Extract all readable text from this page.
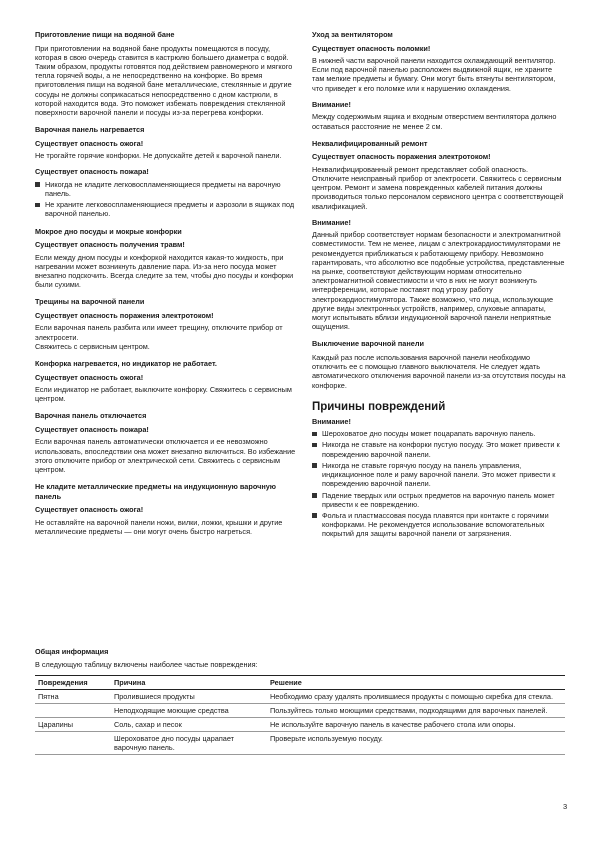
Приготовление пищи на водяной бане

При приготовлении на водяной бане продукты помещаются в посуду, которая в свою очередь ставится в кастрюлю большего диаметра с водой. Таким образом, продукты готовятся под действием равномерного и мягкого тепла горячей воды, а не непосредственно на конфорке. Во время приготовления пищи на водяной бане металлические, стеклянные и другие сосуды не должны соприкасаться непосредственно с дном кастрюли, в которой находится вода. Это поможет избежать повреждения стеклянной поверхности варочной панели и посуды из-за перегрева конфорки.

Варочная панель нагревается
Существует опасность ожога!

Не трогайте горячие конфорки. Не допускайте детей к варочной панели.

Существует опасность пожара!
Никогда не кладите легковоспламеняющиеся предметы на варочную панель.
Не храните легковоспламеняющиеся предметы и аэрозоли в ящиках под варочной панелью.
Мокрое дно посуды и мокрые конфорки
Существует опасность получения травм!

Если между дном посуды и конфоркой находится какая-то жидкость, при нагревании может возникнуть давление пара. Из-за него посуда может внезапно подскочить. Всегда следите за тем, чтобы дно посуды и конфорки были сухими.

Трещины на варочной панели
Существует опасность поражения электротоком!

Если варочная панель разбита или имеет трещину, отключите прибор от электросети.

Свяжитесь с сервисным центром.

Конфорка нагревается, но индикатор не работает.
Существует опасность ожога!

Если индикатор не работает, выключите конфорку. Свяжитесь с сервисным центром.

Варочная панель отключается
Существует опасность пожара!

Если варочная панель автоматически отключается и ее невозможно использовать, впоследствии она может внезапно включиться. Во избежание этого отключите прибор от электрической сети. Свяжитесь с сервисным центром.

Не кладите металлические предметы на индукционную варочную панель
Существует опасность ожога!

Не оставляйте на варочной панели ножи, вилки, ложки, крышки и другие металлические предметы — они могут очень быстро нагреться.

Уход за вентилятором
Существует опасность поломки!

В нижней части варочной панели находится охлаждающий вентилятор. Если под варочной панелью расположен выдвижной ящик, не храните там мелкие предметы и бумагу. Они могут быть втянуты вентилятором, что приведет к его поломке или к нарушению охлаждения.

Внимание!

Между содержимым ящика и входным отверстием вентилятора должно оставаться расстояние не менее 2 см.

Неквалифицированный ремонт
Существует опасность поражения электротоком!

Неквалифицированный ремонт представляет собой опасность. Отключите неисправный прибор от электросети. Свяжитесь с сервисным центром. Ремонт и замена поврежденных кабелей питания должны производиться только персоналом сервисного центра с соответствующей квалификацией.

Внимание!

Данный прибор соответствует нормам безопасности и электромагнитной совместимости. Тем не менее, лицам с электрокардиостимуляторами не рекомендуется приближаться к работающему прибору. Невозможно гарантировать, что абсолютно все подобные устройства, представленные на рынке, соответствуют действующим нормам относительно электромагнитной совместимости и что в них не могут возникнуть интерференции, которые поставят под угрозу работу электрокардиостимулятора. Также возможно, что лица, использующие другие виды электронных устройств, например, слуховые аппараты, могут испытывать вблизи индукционной варочной панели неприятные ощущения.

Выключение варочной панели

Каждый раз после использования варочной панели необходимо отключить ее с помощью главного выключателя. Не следует ждать автоматического отключения варочной панели из-за отсутствия посуды на конфорке.

Причины повреждений
Внимание!
Шероховатое дно посуды может поцарапать варочную панель.
Никогда не ставьте на конфорки пустую посуду. Это может привести к повреждению варочной панели.
Никогда не ставьте горячую посуду на панель управления, индикационное поле и раму варочной панели. Это может привести к повреждению варочной панели.
Падение твердых или острых предметов на варочную панель может привести к ее повреждению.
Фольга и пластмассовая посуда плавятся при контакте с горячими конфорками. Не рекомендуется использование вспомогательных покрытий для защиты варочной панели от загрязнения.
Общая информация

В следующую таблицу включены наиболее частые повреждения:

Повреждения	Причина	Решение
Пятна	Пролившиеся продукты	Необходимо сразу удалять пролившиеся продукты с помощью скребка для стекла.
	Неподходящие моющие средства	Пользуйтесь только моющими средствами, подходящими для варочных панелей.
Царапины	Соль, сахар и песок	Не используйте варочную панель в качестве рабочего стола или опоры.
	Шероховатое дно посуды царапает варочную панель.	Проверьте используемую посуду.
3
